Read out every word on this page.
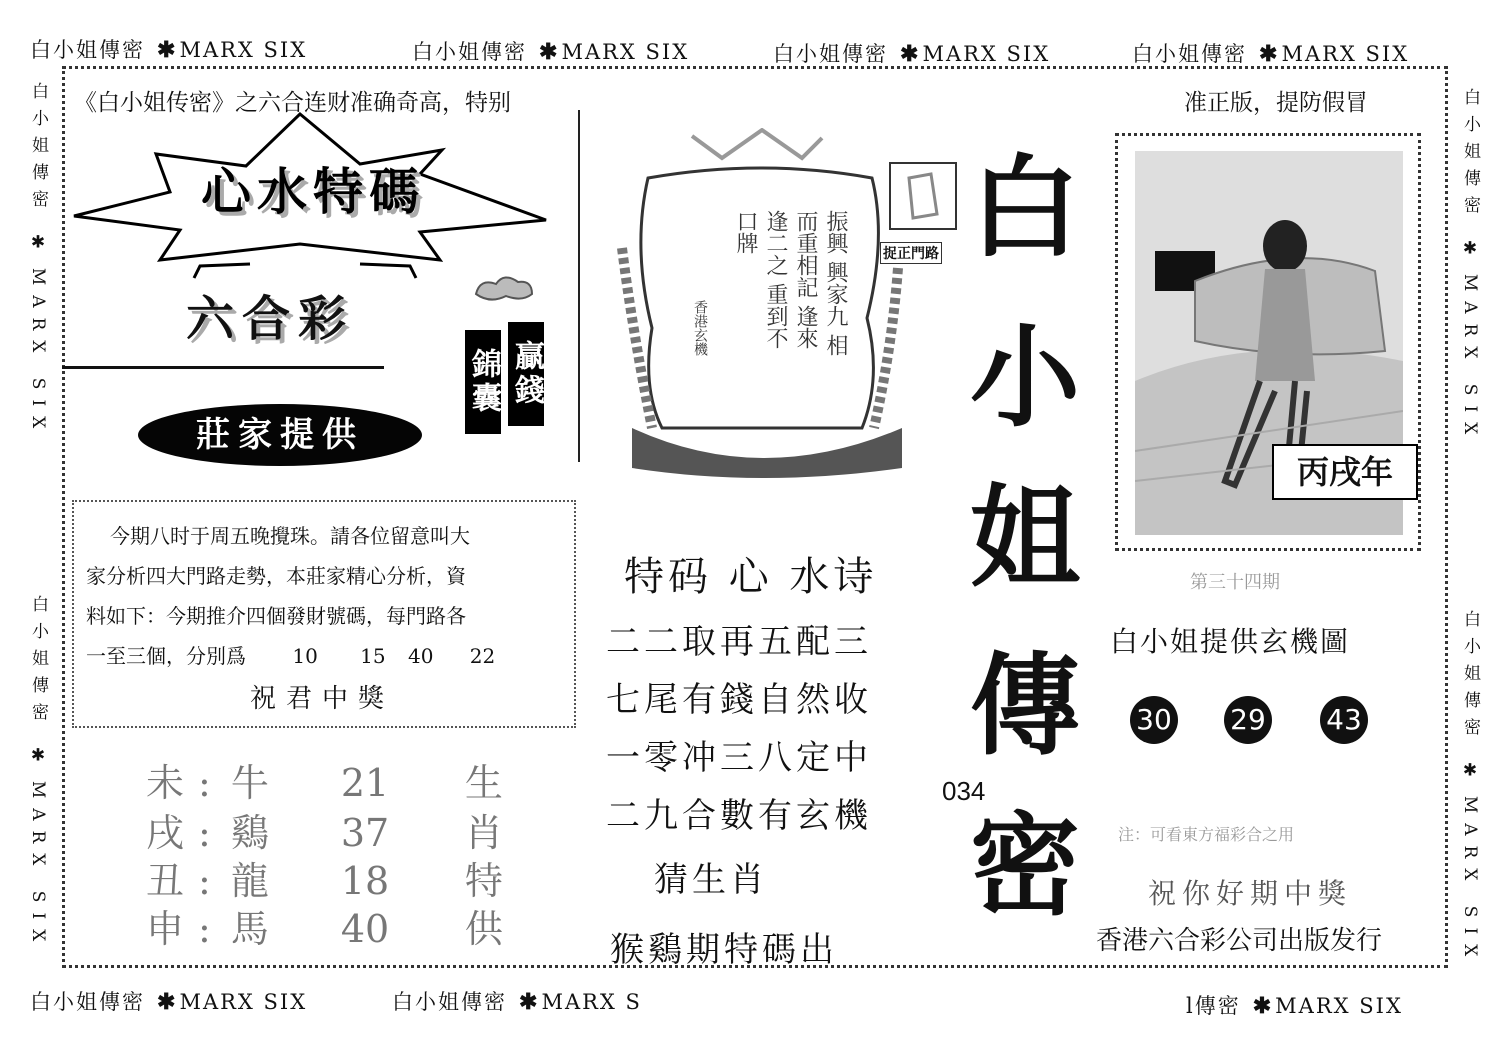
白小姐傳密 ✱MARX SIX	白小姐傳密 ✱MARX SIX	白小姐傳密 ✱MARX SIX	白小姐傳密 ✱MARX SIX
白小姐傳密 ✱ MARX SIX
白小姐傳密 ✱ MARX SIX
白小姐傳密 ✱ MARX SIX
白小姐傳密 ✱ MARX SIX
《白小姐传密》之六合连财准确奇高，特别	准正版，提防假冒
心水特碼
六合彩
莊家提供
贏錢
錦囊
今期八时于周五晚攪珠。請各位留意叫大
家分析四大門路走勢，本莊家精心分析，資
料如下：今期推介四個發財號碼，每門路各
一至三個，分別爲 10 15 40 22
祝君中獎
未 : 牛 21 生
戌 : 鷄 37 肖
丑 : 龍 18 特
申 : 馬 40 供
振興 興家九 相而重相記 逢來逢二之 重到不口牌
香港玄機
捉正門路
特码 心 水诗
二二取再五配三
七尾有錢自然收
一零冲三八定中
二九合數有玄機
猜生肖
猴鷄期特碼出
034
白
小
姐
傳
密
丙戌年
第三十四期
白小姐提供玄機圖
30 29 43
注：可看東方福彩合之用
祝你好期中獎
香港六合彩公司出版发行
白小姐傳密 ✱MARX SIX	白小姐傳密 ✱MARX S	l傳密 ✱MARX SIX
